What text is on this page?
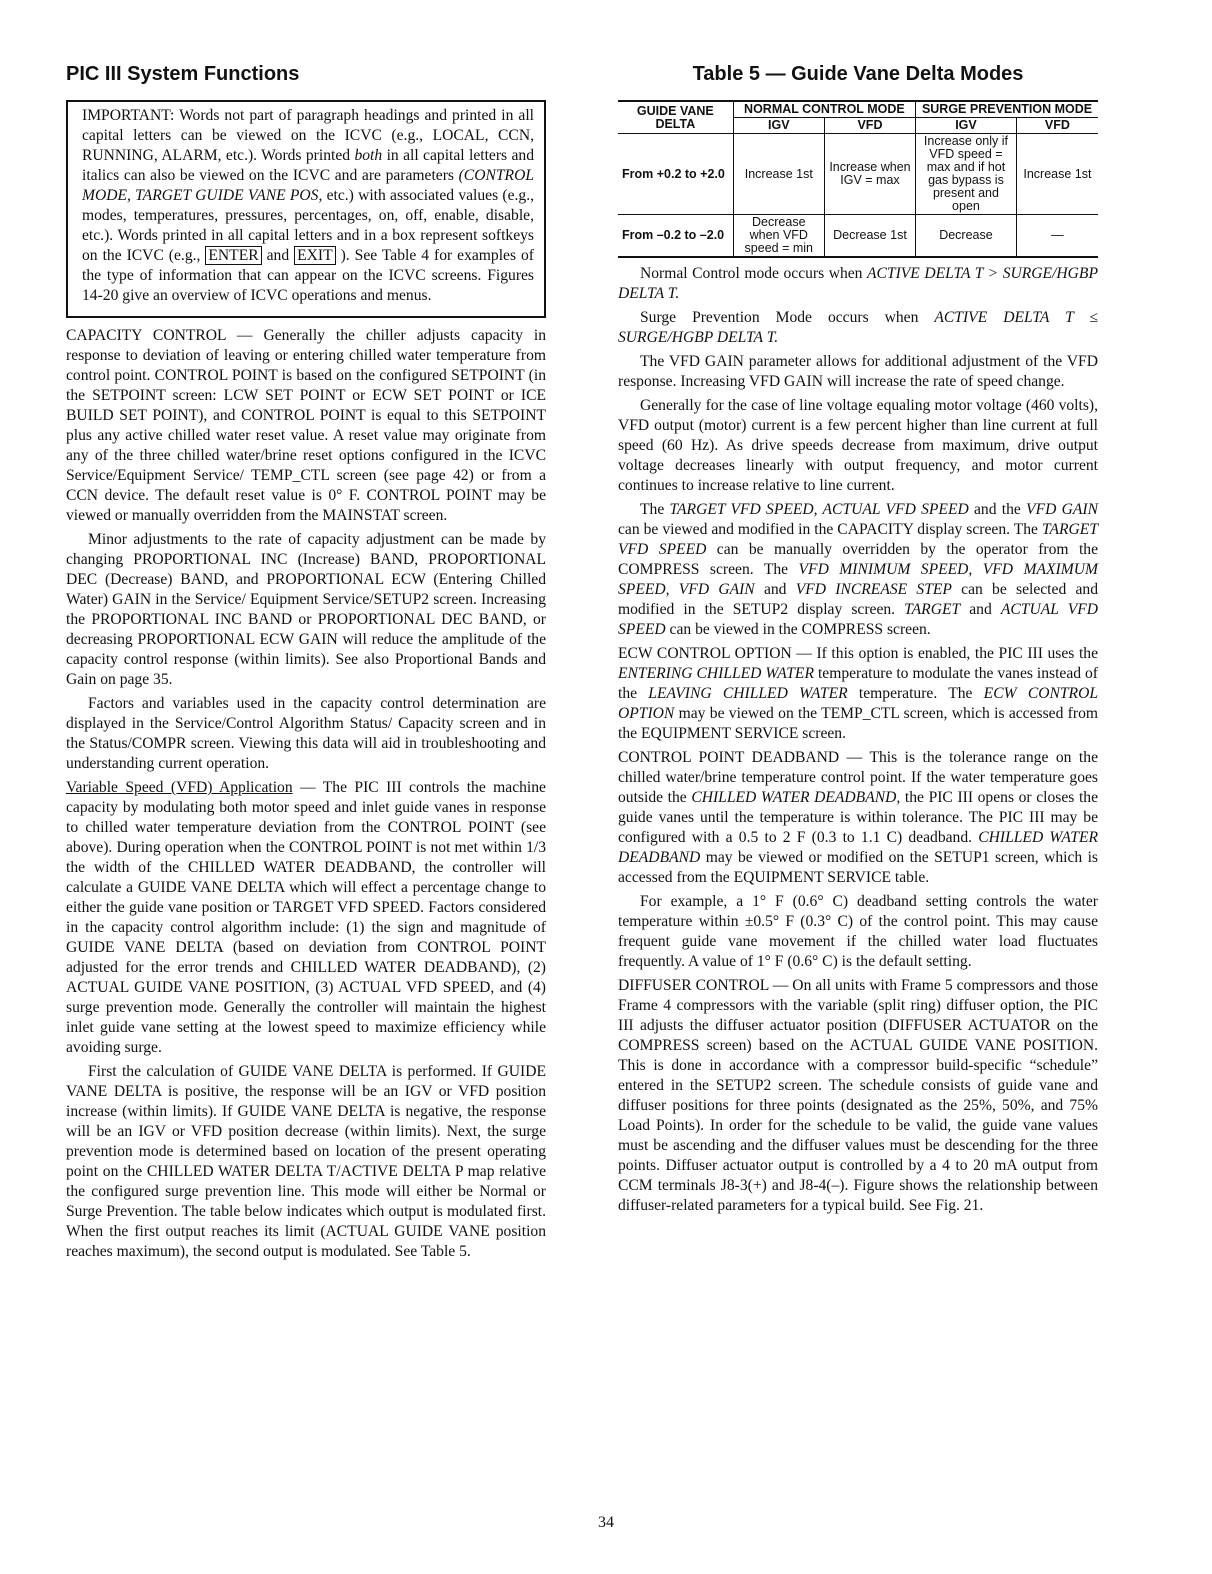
PIC III System Functions

IMPORTANT: Words not part of paragraph headings and printed in all capital letters can be viewed on the ICVC (e.g., LOCAL, CCN, RUNNING, ALARM, etc.). Words printed both in all capital letters and italics can also be viewed on the ICVC and are parameters (CONTROL MODE, TARGET GUIDE VANE POS, etc.) with associated values (e.g., modes, temperatures, pressures, percentages, on, off, enable, disable, etc.). Words printed in all capital letters and in a box represent softkeys on the ICVC (e.g., ENTER and EXIT ). See Table 4 for examples of the type of information that can appear on the ICVC screens. Figures 14-20 give an overview of ICVC operations and menus.

CAPACITY CONTROL — Generally the chiller adjusts capacity in response to deviation of leaving or entering chilled water temperature from control point. CONTROL POINT is based on the configured SETPOINT (in the SETPOINT screen: LCW SET POINT or ECW SET POINT or ICE BUILD SET POINT), and CONTROL POINT is equal to this SETPOINT plus any active chilled water reset value. A reset value may originate from any of the three chilled water/brine reset options configured in the ICVC Service/Equipment Service/ TEMP_CTL screen (see page 42) or from a CCN device. The default reset value is 0° F. CONTROL POINT may be viewed or manually overridden from the MAINSTAT screen.

Minor adjustments to the rate of capacity adjustment can be made by changing PROPORTIONAL INC (Increase) BAND, PROPORTIONAL DEC (Decrease) BAND, and PROPORTIONAL ECW (Entering Chilled Water) GAIN in the Service/ Equipment Service/SETUP2 screen. Increasing the PROPORTIONAL INC BAND or PROPORTIONAL DEC BAND, or decreasing PROPORTIONAL ECW GAIN will reduce the amplitude of the capacity control response (within limits). See also Proportional Bands and Gain on page 35.

Factors and variables used in the capacity control determination are displayed in the Service/Control Algorithm Status/ Capacity screen and in the Status/COMPR screen. Viewing this data will aid in troubleshooting and understanding current operation.

Variable Speed (VFD) Application — The PIC III controls the machine capacity by modulating both motor speed and inlet guide vanes in response to chilled water temperature deviation from the CONTROL POINT (see above). During operation when the CONTROL POINT is not met within 1/3 the width of the CHILLED WATER DEADBAND, the controller will calculate a GUIDE VANE DELTA which will effect a percentage change to either the guide vane position or TARGET VFD SPEED. Factors considered in the capacity control algorithm include: (1) the sign and magnitude of GUIDE VANE DELTA (based on deviation from CONTROL POINT adjusted for the error trends and CHILLED WATER DEADBAND), (2) ACTUAL GUIDE VANE POSITION, (3) ACTUAL VFD SPEED, and (4) surge prevention mode. Generally the controller will maintain the highest inlet guide vane setting at the lowest speed to maximize efficiency while avoiding surge.

First the calculation of GUIDE VANE DELTA is performed. If GUIDE VANE DELTA is positive, the response will be an IGV or VFD position increase (within limits). If GUIDE VANE DELTA is negative, the response will be an IGV or VFD position decrease (within limits). Next, the surge prevention mode is determined based on location of the present operating point on the CHILLED WATER DELTA T/ACTIVE DELTA P map relative the configured surge prevention line. This mode will either be Normal or Surge Prevention. The table below indicates which output is modulated first. When the first output reaches its limit (ACTUAL GUIDE VANE position reaches maximum), the second output is modulated. See Table 5.

Table 5 — Guide Vane Delta Modes
GUIDE VANE DELTA	NORMAL CONTROL MODE		SURGE PREVENTION MODE	
	IGV	VFD	IGV	VFD
From +0.2 to +2.0	Increase 1st	Increase when IGV = max	Increase only if VFD speed = max and if hot gas bypass is present and open	Increase 1st
From –0.2 to –2.0	Decrease when VFD speed = min	Decrease 1st	Decrease	—

Normal Control mode occurs when ACTIVE DELTA T > SURGE/HGBP DELTA T.

Surge Prevention Mode occurs when ACTIVE DELTA T ≤ SURGE/HGBP DELTA T.

The VFD GAIN parameter allows for additional adjustment of the VFD response. Increasing VFD GAIN will increase the rate of speed change.

Generally for the case of line voltage equaling motor voltage (460 volts), VFD output (motor) current is a few percent higher than line current at full speed (60 Hz). As drive speeds decrease from maximum, drive output voltage decreases linearly with output frequency, and motor current continues to increase relative to line current.

The TARGET VFD SPEED, ACTUAL VFD SPEED and the VFD GAIN can be viewed and modified in the CAPACITY display screen. The TARGET VFD SPEED can be manually overridden by the operator from the COMPRESS screen. The VFD MINIMUM SPEED, VFD MAXIMUM SPEED, VFD GAIN and VFD INCREASE STEP can be selected and modified in the SETUP2 display screen. TARGET and ACTUAL VFD SPEED can be viewed in the COMPRESS screen.

ECW CONTROL OPTION — If this option is enabled, the PIC III uses the ENTERING CHILLED WATER temperature to modulate the vanes instead of the LEAVING CHILLED WATER temperature. The ECW CONTROL OPTION may be viewed on the TEMP_CTL screen, which is accessed from the EQUIPMENT SERVICE screen.

CONTROL POINT DEADBAND — This is the tolerance range on the chilled water/brine temperature control point. If the water temperature goes outside the CHILLED WATER DEADBAND, the PIC III opens or closes the guide vanes until the temperature is within tolerance. The PIC III may be configured with a 0.5 to 2 F (0.3 to 1.1 C) deadband. CHILLED WATER DEADBAND may be viewed or modified on the SETUP1 screen, which is accessed from the EQUIPMENT SERVICE table.

For example, a 1° F (0.6° C) deadband setting controls the water temperature within ±0.5° F (0.3° C) of the control point. This may cause frequent guide vane movement if the chilled water load fluctuates frequently. A value of 1° F (0.6° C) is the default setting.

DIFFUSER CONTROL — On all units with Frame 5 compressors and those Frame 4 compressors with the variable (split ring) diffuser option, the PIC III adjusts the diffuser actuator position (DIFFUSER ACTUATOR on the COMPRESS screen) based on the ACTUAL GUIDE VANE POSITION. This is done in accordance with a compressor build-specific “schedule” entered in the SETUP2 screen. The schedule consists of guide vane and diffuser positions for three points (designated as the 25%, 50%, and 75% Load Points). In order for the schedule to be valid, the guide vane values must be ascending and the diffuser values must be descending for the three points. Diffuser actuator output is controlled by a 4 to 20 mA output from CCM terminals J8-3(+) and J8-4(–). Figure shows the relationship between diffuser-related parameters for a typical build. See Fig. 21.

34
